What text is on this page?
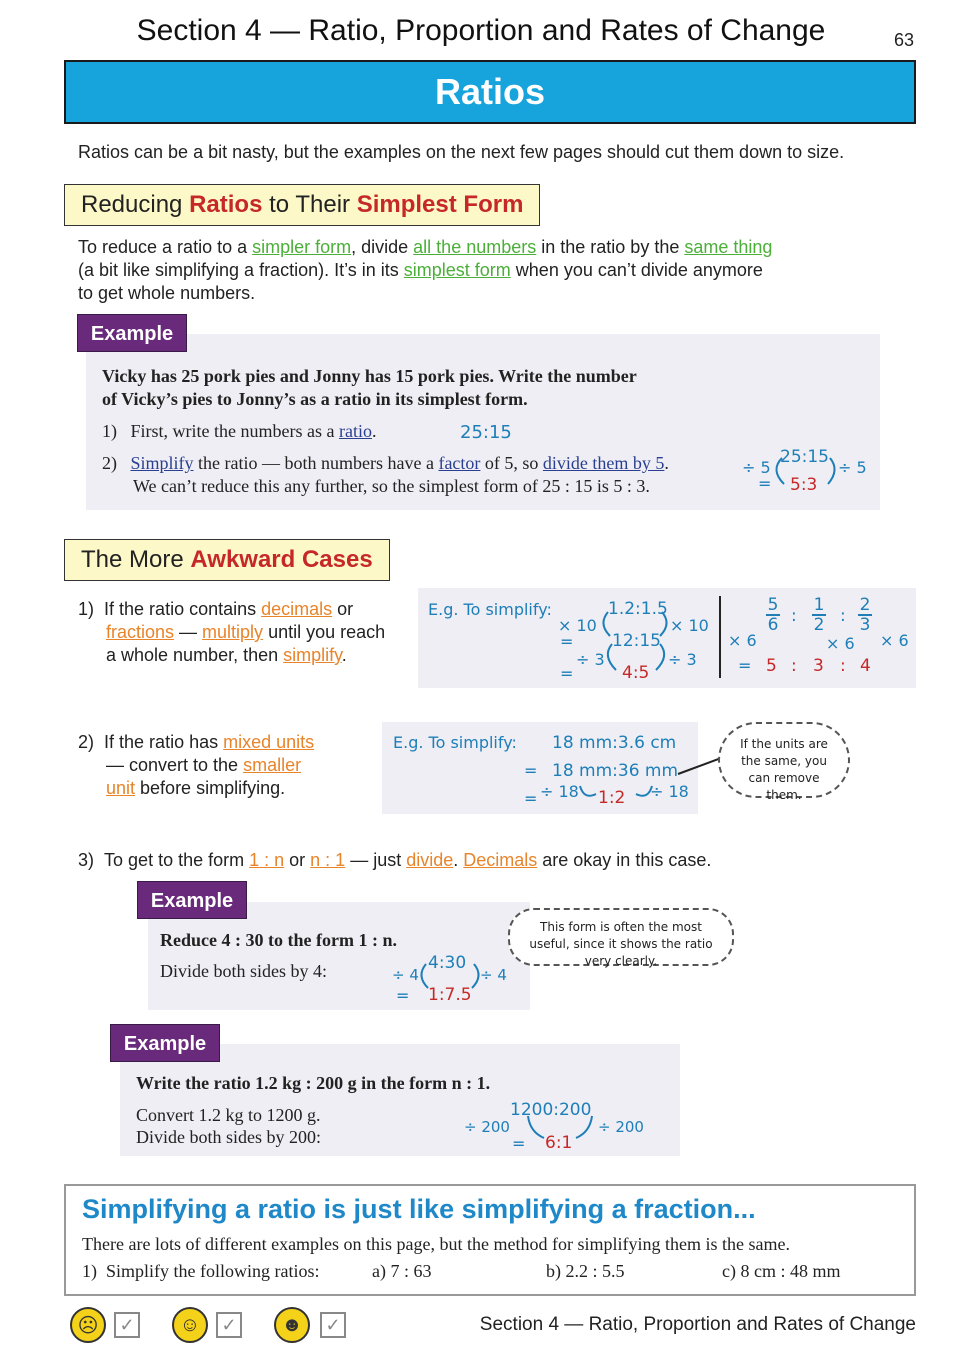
Section 4 — Ratio, Proportion and Rates of Change	63
Ratios
Ratios can be a bit nasty, but the examples on the next few pages should cut them down to size.
Reducing Ratios to Their Simplest Form
To reduce a ratio to a simpler form, divide all the numbers in the ratio by the same thing
(a bit like simplifying a fraction). It’s in its simplest form when you can’t divide anymore
to get whole numbers.
Example
Vicky has 25 pork pies and Jonny has 15 pork pies. Write the number
of Vicky’s pies to Jonny’s as a ratio in its simplest form.
1) First, write the numbers as a ratio.
2) Simplify the ratio — both numbers have a factor of 5, so divide them by 5.
We can’t reduce this any further, so the simplest form of 25 : 15 is 5 : 3.
25:15
25:15
÷ 5	÷ 5
= 5:3
The More Awkward Cases
1) If the ratio contains decimals or
fractions — multiply until you reach
a whole number, then simplify.
E.g. To simplify:	1.2:1.5
× 10	× 10
= 12:15
÷ 3	÷ 3
=	4:5
$\frac{5}{6}$ : $\frac{1}{2}$ : $\frac{2}{3}$
× 6	× 6 × 6
= 5 : 3 : 4
2) If the ratio has mixed units
— convert to the smaller
unit before simplifying.
E.g. To simplify: 18 mm:3.6 cm
= 18 mm:36 mm
= ÷ 18 1:2 ÷ 18
If the units are the same, you can remove them.
3) To get to the form 1 : n or n : 1 — just divide. Decimals are okay in this case.
Example
Reduce 4 : 30 to the form 1 : n.
Divide both sides by 4:	4:30
÷ 4	÷ 4
= 1:7.5
This form is often the most useful, since it shows the ratio very clearly.
Example
Write the ratio 1.2 kg : 200 g in the form n : 1.
Convert 1.2 kg to 1200 g.
Divide both sides by 200:
1200:200
÷ 200	÷ 200
= 6:1
Simplifying a ratio is just like simplifying a fraction...
There are lots of different examples on this page, but the method for simplifying them is the same.
1) Simplify the following ratios:	a) 7 : 63	b) 2.2 : 5.5	c) 8 cm : 48 mm
☹	✓	☺	✓	☻	✓	Section 4 — Ratio, Proportion and Rates of Change
